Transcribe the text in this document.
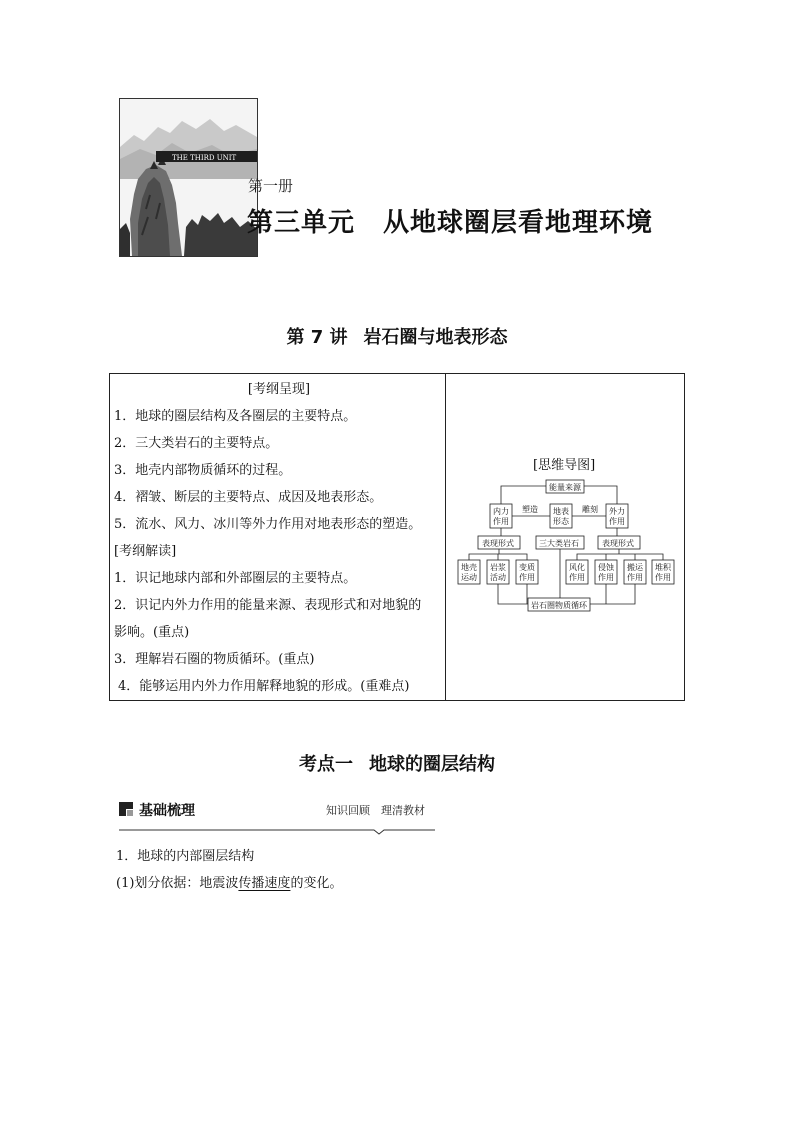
THE THIRD UNIT
第一册
第三单元 从地球圈层看地理环境
第 7 讲 岩石圈与地表形态
[考纲呈现]
1．地球的圈层结构及各圈层的主要特点。
2．三大类岩石的主要特点。
3．地壳内部物质循环的过程。
4．褶皱、断层的主要特点、成因及地表形态。
5．流水、风力、冰川等外力作用对地表形态的塑造。
[考纲解读]
1．识记地球内部和外部圈层的主要特点。
2．识记内外力作用的能量来源、表现形式和对地貌的
影响。(重点)
3．理解岩石圈的物质循环。(重点)
4．能够运用内外力作用解释地貌的形成。(重难点)
[思维导图]
能量来源
内力
作用
塑造 地表
形态
雕刻 外力
作用
表现形式	三大类岩石	表现形式
地壳
运动
岩浆
活动
变质
作用
风化
作用
侵蚀
作用
搬运
作用
堆积
作用
岩石圈物质循环
考点一 地球的圈层结构
基础梳理	知识回顾　理清教材
1．地球的内部圈层结构
(1)划分依据：地震波传播速度的变化。
